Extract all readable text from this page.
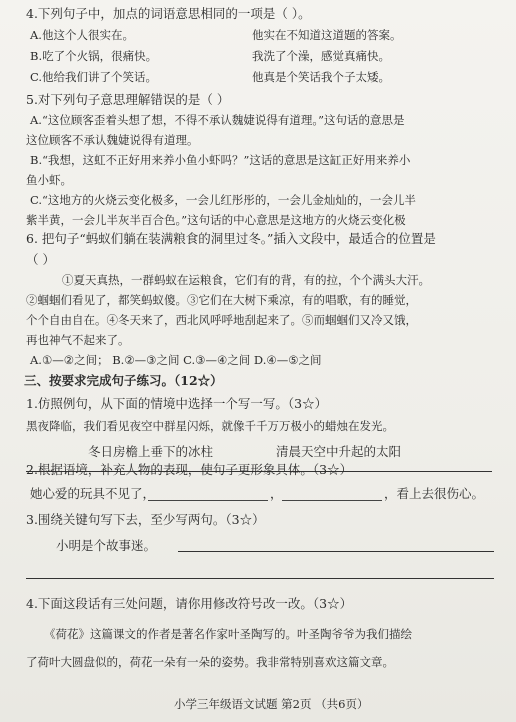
4.下列句子中，加点的词语意思相同的一项是（ ）。
A.他这个人很实在。	他实在不知道这道题的答案。
B.吃了个火锅，很痛快。	我洗了个澡，感觉真痛快。
C.他给我们讲了个笑话。	他真是个笑话我个子太矮。
5.对下列句子意思理解错误的是（ ）
A.“这位顾客歪着头想了想，不得不承认魏婕说得有道理。”这句话的意思是
这位顾客不承认魏婕说得有道理。
B.“我想，这虹不正好用来养小鱼小虾吗？”这话的意思是这缸正好用来养小
鱼小虾。
C.“这地方的火烧云变化极多，一会儿红彤彤的，一会儿金灿灿的，一会儿半
紫半黄，一会儿半灰半百合色。”这句话的中心意思是这地方的火烧云变化极
6. 把句子“蚂蚁们躺在装满粮食的洞里过冬。”插入文段中，最适合的位置是
（ ）
①夏天真热，一群蚂蚁在运粮食，它们有的背，有的拉，个个满头大汗。
②蝈蝈们看见了，都笑蚂蚁傻。③它们在大树下乘凉，有的唱歌，有的睡觉，
个个自由自在。④冬天来了，西北风呼呼地刮起来了。⑤而蝈蝈们又冷又饿，
再也神气不起来了。
A.①—②之间； B.②—③之间 C.③—④之间 D.④—⑤之间
三、按要求完成句子练习。（12☆）
1.仿照例句，从下面的情境中选择一个写一写。（3☆）
黑夜降临，我们看见夜空中群星闪烁，就像千千万万极小的蜡烛在发光。
冬日房檐上垂下的冰柱	清晨天空中升起的太阳
2.根据语境，补充人物的表现，使句子更形象具体。（3☆）
她心爱的玩具不见了，	，	，看上去很伤心。
3.围绕关键句写下去，至少写两句。（3☆）
小明是个故事迷。
4.下面这段话有三处问题，请你用修改符号改一改。（3☆）
《荷花》这篇课文的作者是著名作家叶圣陶写的。叶圣陶爷爷为我们描绘
了荷叶大圆盘似的，荷花一朵有一朵的姿势。我非常特别喜欢这篇文章。
小学三年级语文试题 第2页 （共6页）
